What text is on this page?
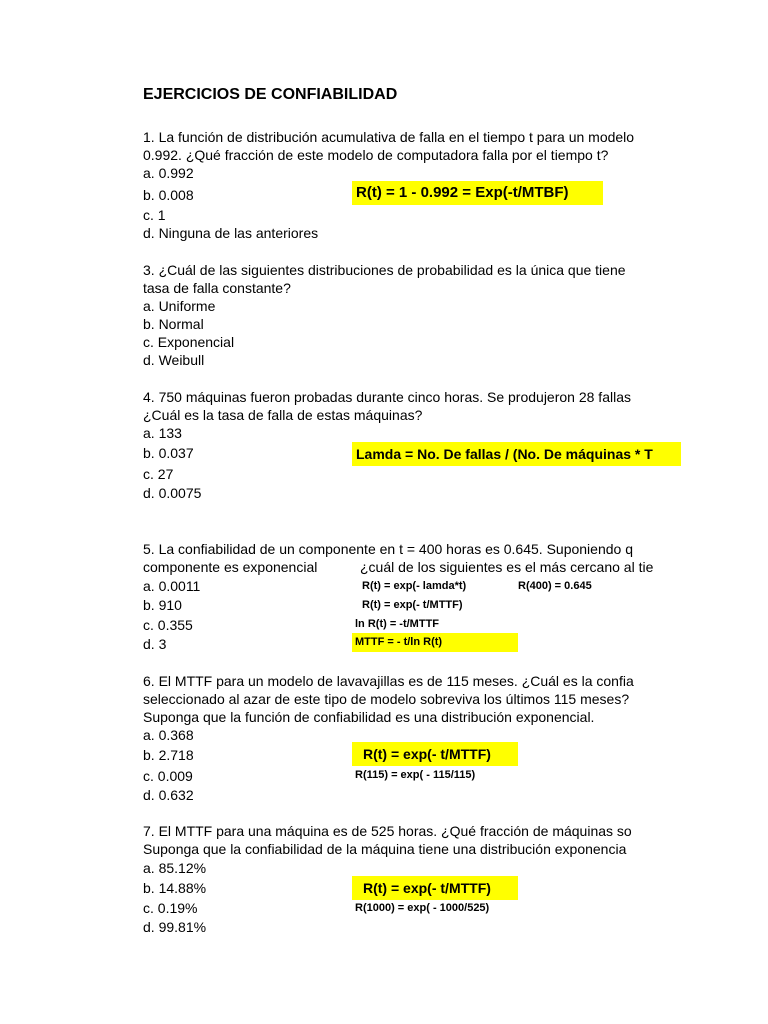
EJERCICIOS DE CONFIABILIDAD
1. La función de distribución acumulativa de falla en el tiempo t para un modelo
0.992. ¿Qué fracción de este modelo de computadora falla por el tiempo t?
a. 0.992
b. 0.008	R(t) = 1 - 0.992 = Exp(-t/MTBF)
c. 1
d. Ninguna de las anteriores
3. ¿Cuál de las siguientes distribuciones de probabilidad es la única que tiene
tasa de falla constante?
a. Uniforme
b. Normal
c. Exponencial
d. Weibull
4. 750 máquinas fueron probadas durante cinco horas. Se produjeron 28 fallas
¿Cuál es la tasa de falla de estas máquinas?
a. 133
b. 0.037	Lamda = No. De fallas / (No. De máquinas * T
c. 27
d. 0.0075
5. La confiabilidad de un componente en t = 400 horas es 0.645. Suponiendo q
componente es exponencial	¿cuál de los siguientes es el más cercano al tie
a. 0.0011	R(t) = exp(- lamda*t)	R(400) = 0.645
b. 910	R(t) = exp(- t/MTTF)
c. 0.355	ln R(t) = -t/MTTF
d. 3	MTTF = - t/ln R(t)
6. El MTTF para un modelo de lavavajillas es de 115 meses. ¿Cuál es la confia
seleccionado al azar de este tipo de modelo sobreviva los últimos 115 meses?
Suponga que la función de confiabilidad es una distribución exponencial.
a. 0.368
b. 2.718	R(t) = exp(- t/MTTF)
c. 0.009	R(115) = exp( - 115/115)
d. 0.632
7. El MTTF para una máquina es de 525 horas. ¿Qué fracción de máquinas so
Suponga que la confiabilidad de la máquina tiene una distribución exponencia
a. 85.12%
b. 14.88%	R(t) = exp(- t/MTTF)
c. 0.19%	R(1000) = exp( - 1000/525)
d. 99.81%
